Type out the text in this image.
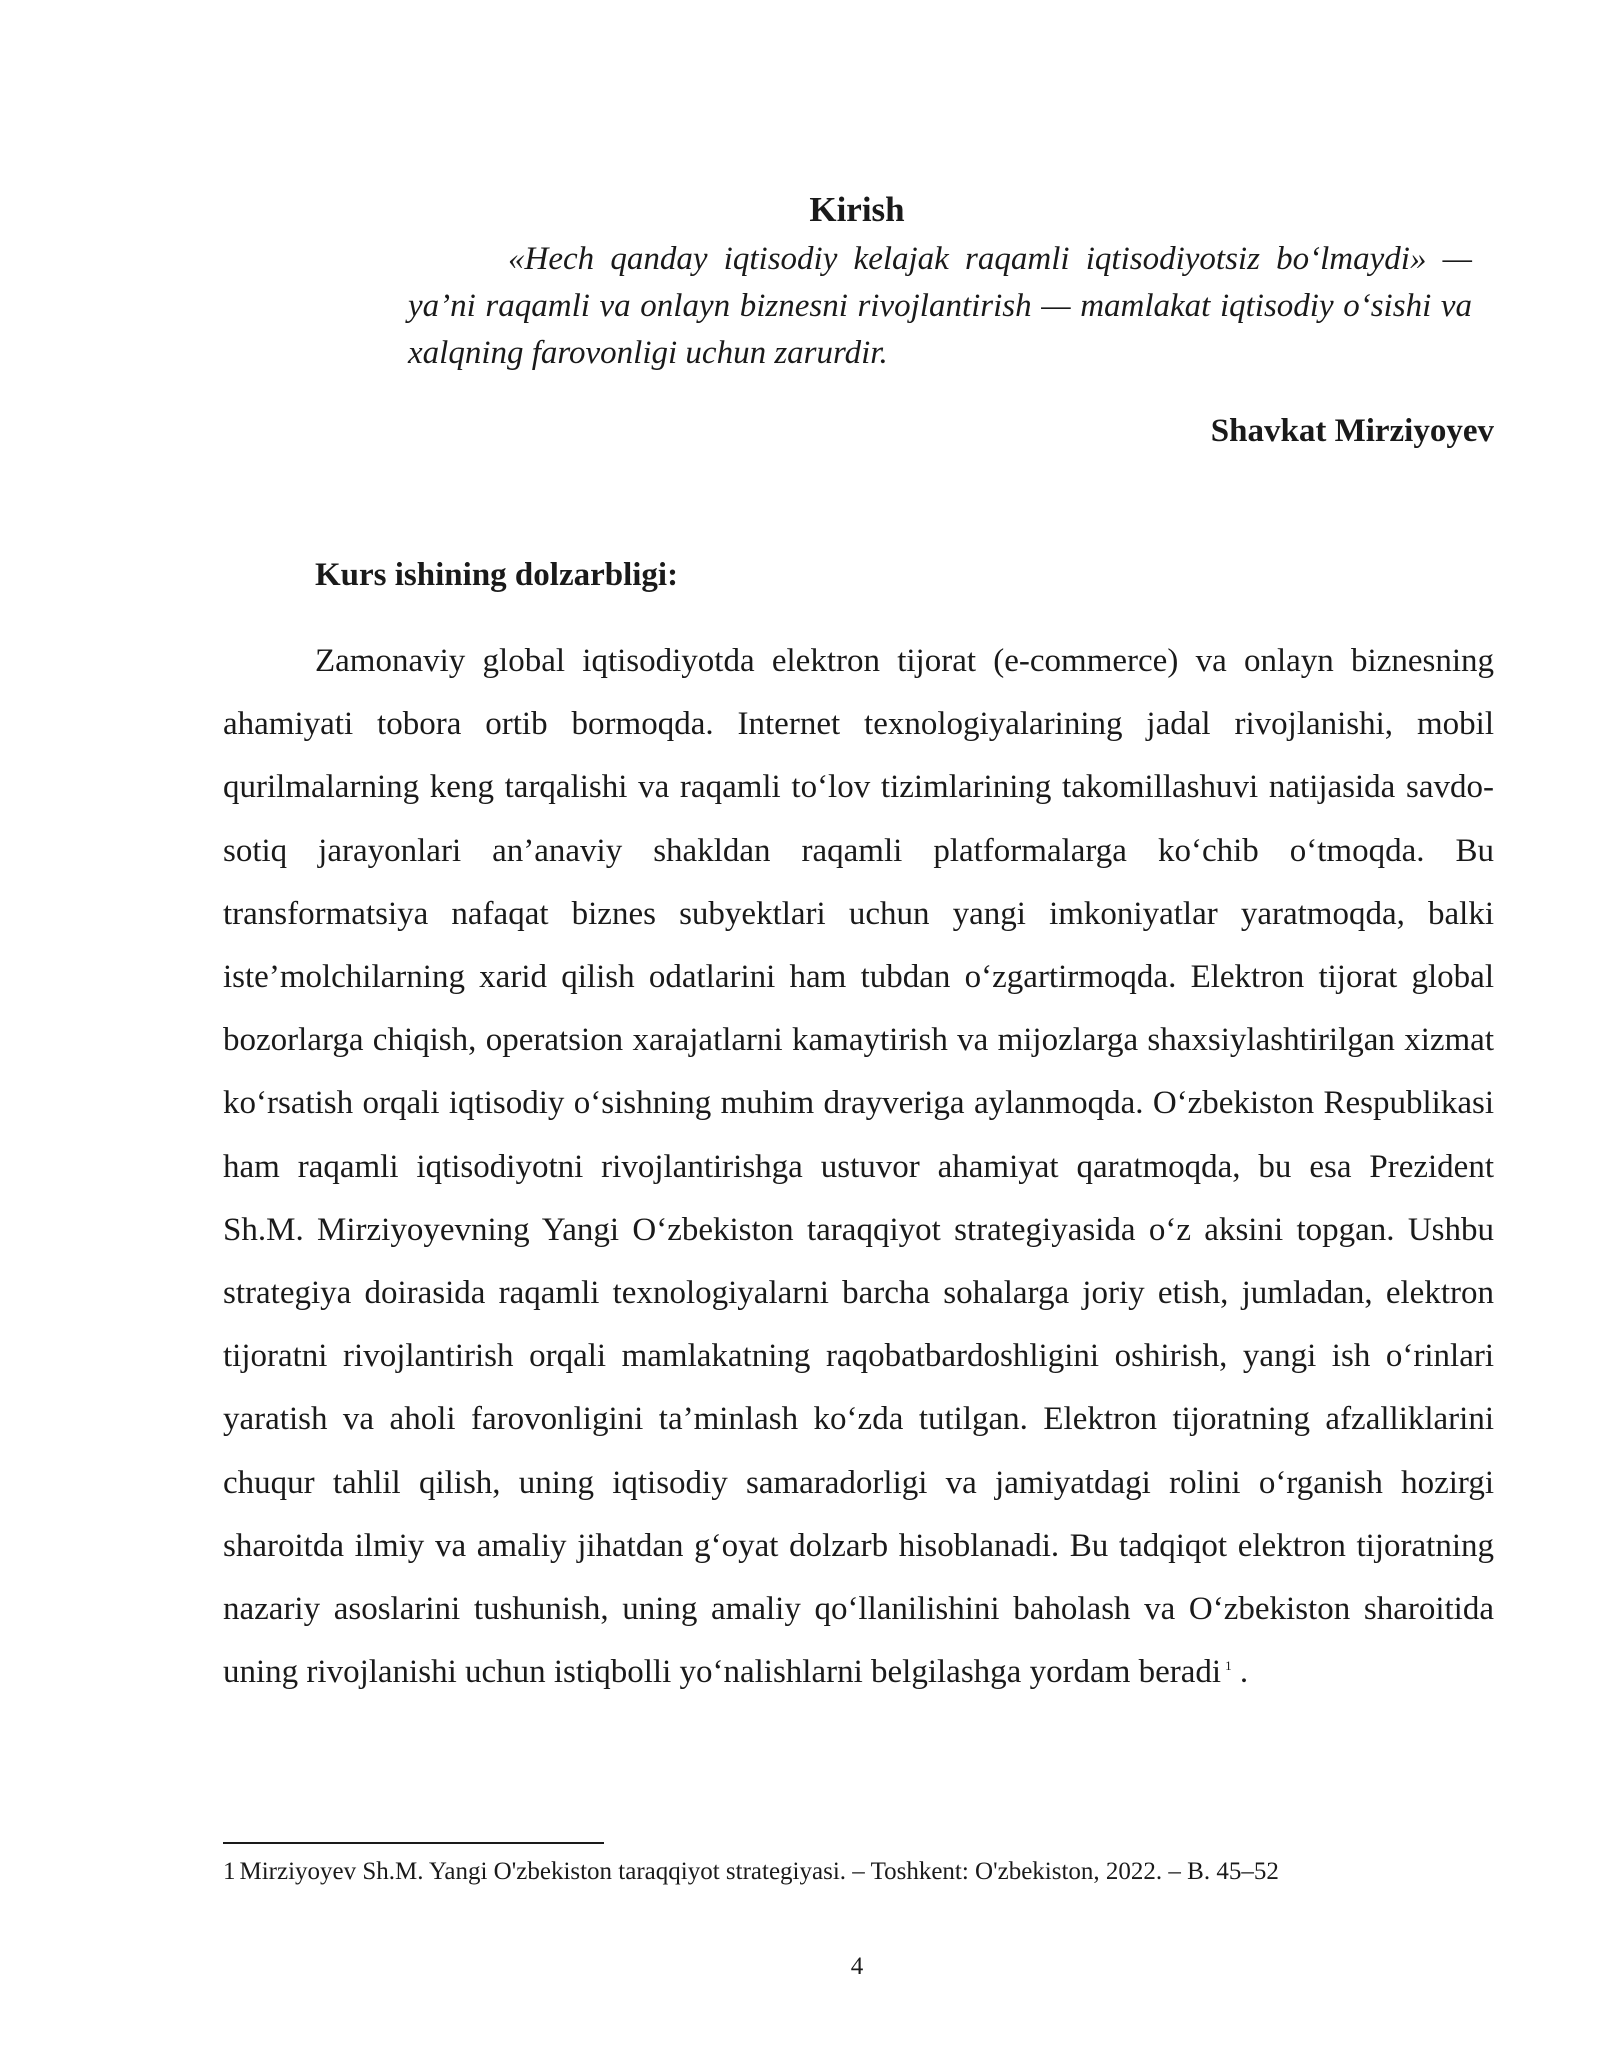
Kirish
«Hech qanday iqtisodiy kelajak raqamli iqtisodiyotsiz bo‘lmaydi» — ya’ni raqamli va onlayn biznesni rivojlantirish — mamlakat iqtisodiy o‘sishi va xalqning farovonligi uchun zarurdir.
Shavkat Mirziyoyev
Kurs ishining dolzarbligi:

Zamonaviy global iqtisodiyotda elektron tijorat (e-commerce) va onlayn biznesning ahamiyati tobora ortib bormoqda. Internet texnologiyalarining jadal rivojlanishi, mobil qurilmalarning keng tarqalishi va raqamli to‘lov tizimlarining takomillashuvi natijasida savdo-sotiq jarayonlari an’anaviy shakldan raqamli platformalarga ko‘chib o‘tmoqda. Bu transformatsiya nafaqat biznes subyektlari uchun yangi imkoniyatlar yaratmoqda, balki iste’molchilarning xarid qilish odatlarini ham tubdan o‘zgartirmoqda. Elektron tijorat global bozorlarga chiqish, operatsion xarajatlarni kamaytirish va mijozlarga shaxsiylashtirilgan xizmat ko‘rsatish orqali iqtisodiy o‘sishning muhim drayveriga aylanmoqda. O‘zbekiston Respublikasi ham raqamli iqtisodiyotni rivojlantirishga ustuvor ahamiyat qaratmoqda, bu esa Prezident Sh.M. Mirziyoyevning Yangi O‘zbekiston taraqqiyot strategiyasida o‘z aksini topgan. Ushbu strategiya doirasida raqamli texnologiyalarni barcha sohalarga joriy etish, jumladan, elektron tijoratni rivojlantirish orqali mamlakatning raqobatbardoshligini oshirish, yangi ish o‘rinlari yaratish va aholi farovonligini ta’minlash ko‘zda tutilgan. Elektron tijoratning afzalliklarini chuqur tahlil qilish, uning iqtisodiy samaradorligi va jamiyatdagi rolini o‘rganish hozirgi sharoitda ilmiy va amaliy jihatdan g‘oyat dolzarb hisoblanadi. Bu tadqiqot elektron tijoratning nazariy asoslarini tushunish, uning amaliy qo‘llanilishini baholash va O‘zbekiston sharoitida uning rivojlanishi uchun istiqbolli yo‘nalishlarni belgilashga yordam beradi $^1$ .

1 Mirziyoyev Sh.M. Yangi O'zbekiston taraqqiyot strategiyasi. – Toshkent: O'zbekiston, 2022. – B. 45–52
4
